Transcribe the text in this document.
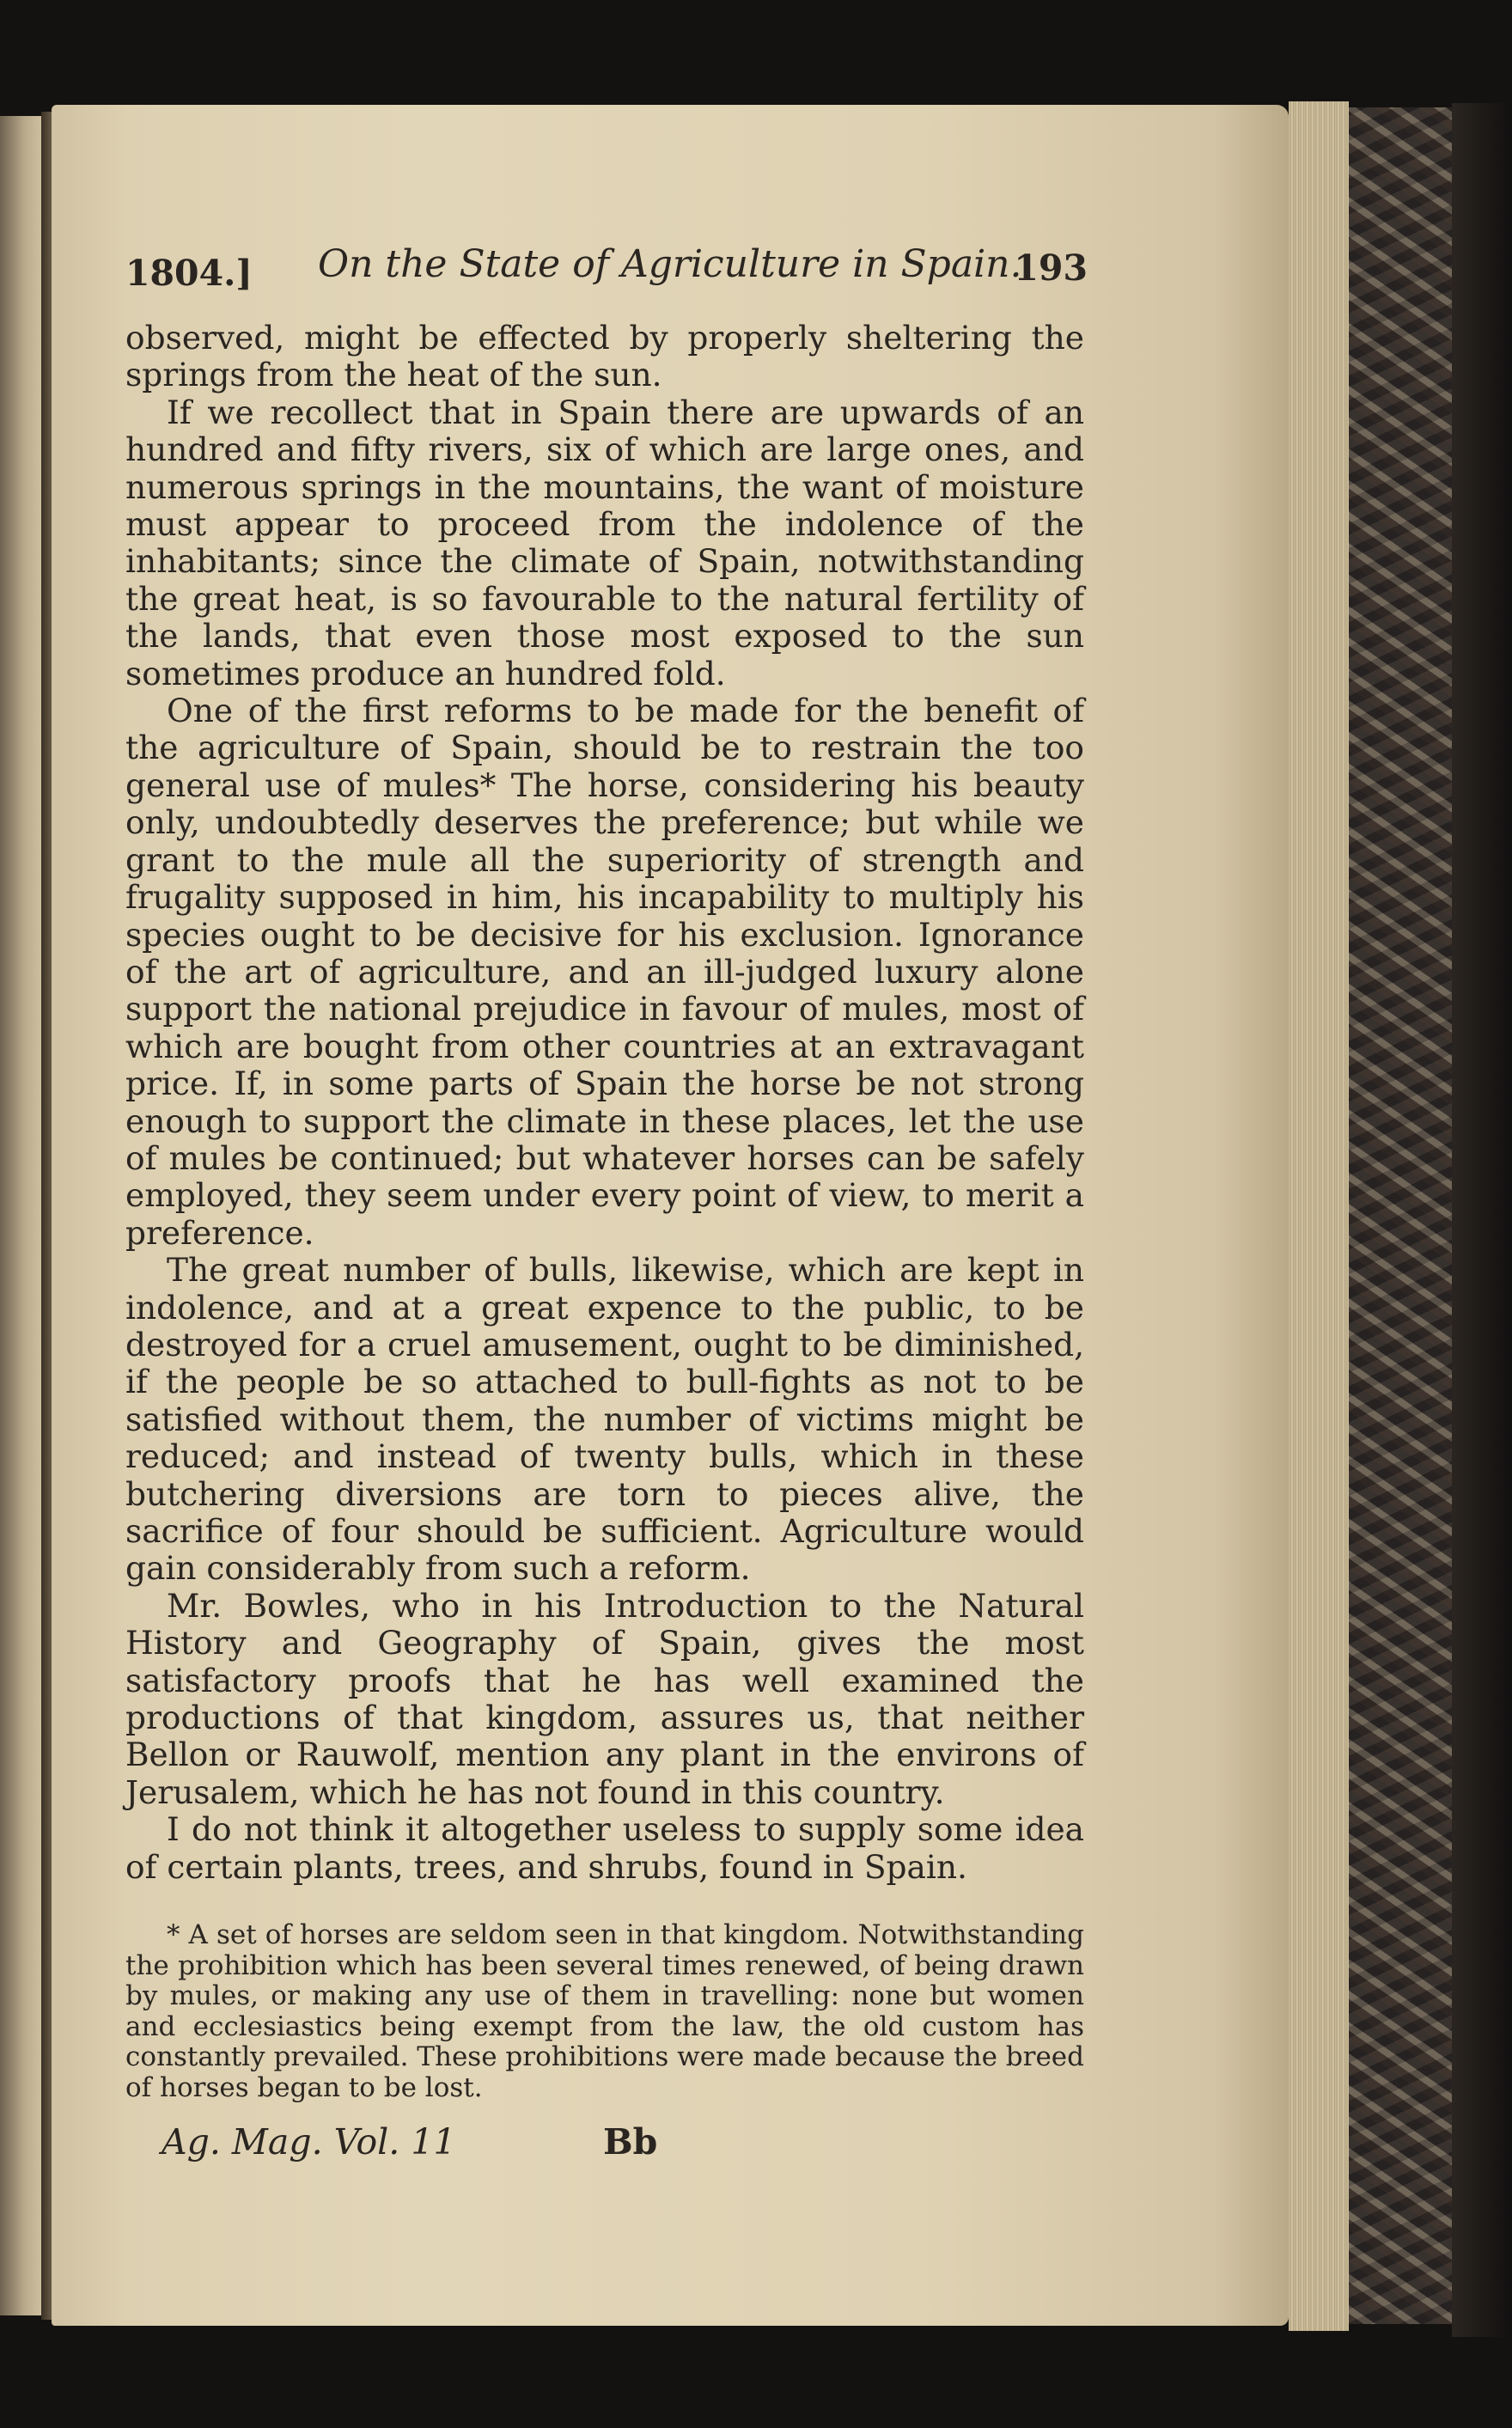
1804.] On the State of Agriculture in Spain.
193

observed, might be effected by properly sheltering the springs from the heat of the sun.

If we recollect that in Spain there are upwards of an hundred and fifty rivers, six of which are large ones, and numerous springs in the mountains, the want of moisture must appear to proceed from the indolence of the inhabitants; since the climate of Spain, notwithstanding the great heat, is so favourable to the natural fertility of the lands, that even those most exposed to the sun sometimes produce an hundred fold.

One of the first reforms to be made for the benefit of the agriculture of Spain, should be to restrain the too general use of mules* The horse, considering his beauty only, undoubtedly deserves the preference; but while we grant to the mule all the superiority of strength and frugality supposed in him, his incapability to multiply his species ought to be decisive for his exclusion. Ignorance of the art of agriculture, and an ill-judged luxury alone support the national prejudice in favour of mules, most of which are bought from other countries at an extravagant price. If, in some parts of Spain the horse be not strong enough to support the climate in these places, let the use of mules be continued; but whatever horses can be safely employed, they seem under every point of view, to merit a preference.

The great number of bulls, likewise, which are kept in indolence, and at a great expence to the public, to be destroyed for a cruel amusement, ought to be diminished, if the people be so attached to bull-fights as not to be satisfied without them, the number of victims might be reduced; and instead of twenty bulls, which in these butchering diversions are torn to pieces alive, the sacrifice of four should be sufficient. Agriculture would gain considerably from such a reform.

Mr. Bowles, who in his Introduction to the Natural History and Geography of Spain, gives the most satisfactory proofs that he has well examined the productions of that kingdom, assures us, that neither Bellon or Rauwolf, mention any plant in the environs of Jerusalem, which he has not found in this country.

I do not think it altogether useless to supply some idea of certain plants, trees, and shrubs, found in Spain.

* A set of horses are seldom seen in that kingdom. Notwithstanding the prohibition which has been several times renewed, of being drawn by mules, or making any use of them in travelling: none but women and ecclesiastics being exempt from the law, the old custom has constantly prevailed. These prohibitions were made because the breed of horses began to be lost.
Ag. Mag. Vol. 11	Bb
